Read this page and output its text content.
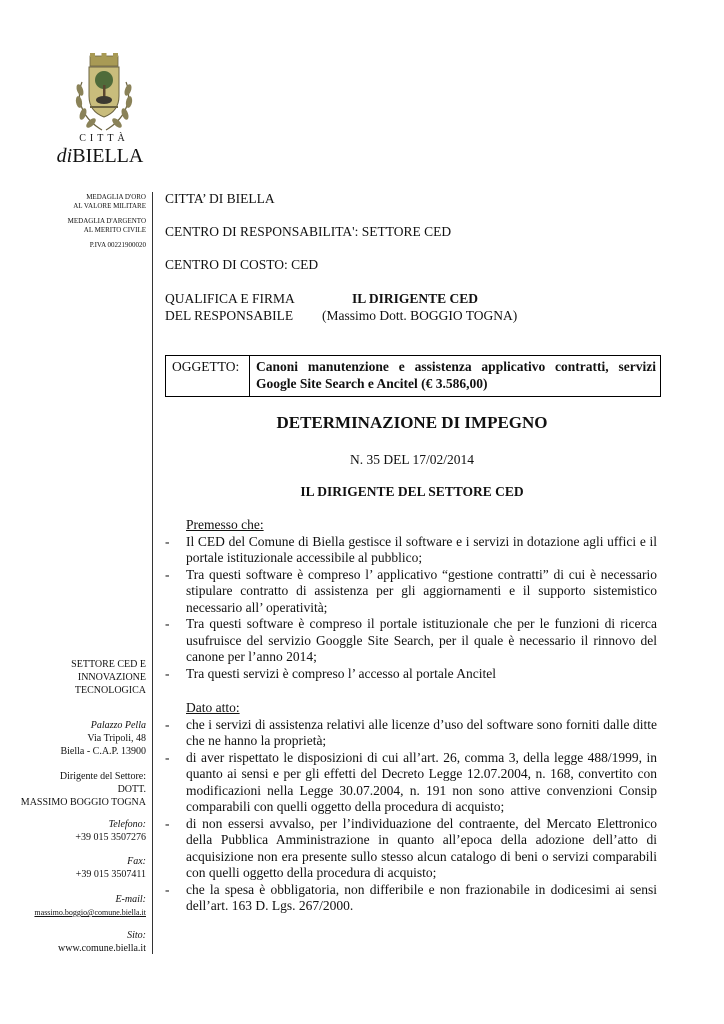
CITTÀ
diBIELLA
MEDAGLIA D'ORO
AL VALORE MILITARE
MEDAGLIA D'ARGENTO
AL MERITO CIVILE
P.IVA 00221900020
SETTORE CED E
INNOVAZIONE
TECNOLOGICA
Palazzo Pella
Via Tripoli, 48
Biella - C.A.P. 13900
Dirigente del Settore:
DOTT.
MASSIMO BOGGIO TOGNA
Telefono:
+39 015 3507276
Fax:
+39 015 3507411
E-mail:
massimo.boggio@comune.biella.it
Sito:
www.comune.biella.it
CITTA’ DI BIELLA
CENTRO DI RESPONSABILITA': SETTORE CED
CENTRO DI COSTO: CED
QUALIFICA E FIRMA
DEL RESPONSABILE
IL DIRIGENTE CED
(Massimo Dott. BOGGIO TOGNA)
OGGETTO:	Canoni manutenzione e assistenza applicativo contratti, servizi
Google Site Search e Ancitel (€ 3.586,00)
DETERMINAZIONE DI IMPEGNO
N. 35 DEL 17/02/2014
IL DIRIGENTE DEL SETTORE CED
Premesso che:
- Il CED del Comune di Biella gestisce il software e i servizi in dotazione agli uffici e il portale istituzionale accessibile al pubblico;
- Tra questi software è compreso l’ applicativo “gestione contratti” di cui è necessario stipulare contratto di assistenza per gli aggiornamenti e il supporto sistemistico necessario all’ operatività;
- Tra questi software è compreso il portale istituzionale che per le funzioni di ricerca usufruisce del servizio Googgle Site Search, per il quale è necessario il rinnovo del canone per l’anno 2014;
- Tra questi servizi è compreso l’ accesso al portale Ancitel
Dato atto:
- che i servizi di assistenza relativi alle licenze d’uso del software sono forniti dalle ditte che ne hanno la proprietà;
- di aver rispettato le disposizioni di cui all’art. 26, comma 3, della legge 488/1999, in quanto ai sensi e per gli effetti del Decreto Legge 12.07.2004, n. 168, convertito con modificazioni nella Legge 30.07.2004, n. 191 non sono attive convenzioni Consip comparabili con quelli oggetto della procedura di acquisto;
- di non essersi avvalso, per l’individuazione del contraente, del Mercato Elettronico della Pubblica Amministrazione in quanto all’epoca della adozione dell’atto di acquisizione non era presente sullo stesso alcun catalogo di beni o servizi comparabili con quelli oggetto della procedura di acquisto;
- che la spesa è obbligatoria, non differibile e non frazionabile in dodicesimi ai sensi dell’art. 163 D. Lgs. 267/2000.
